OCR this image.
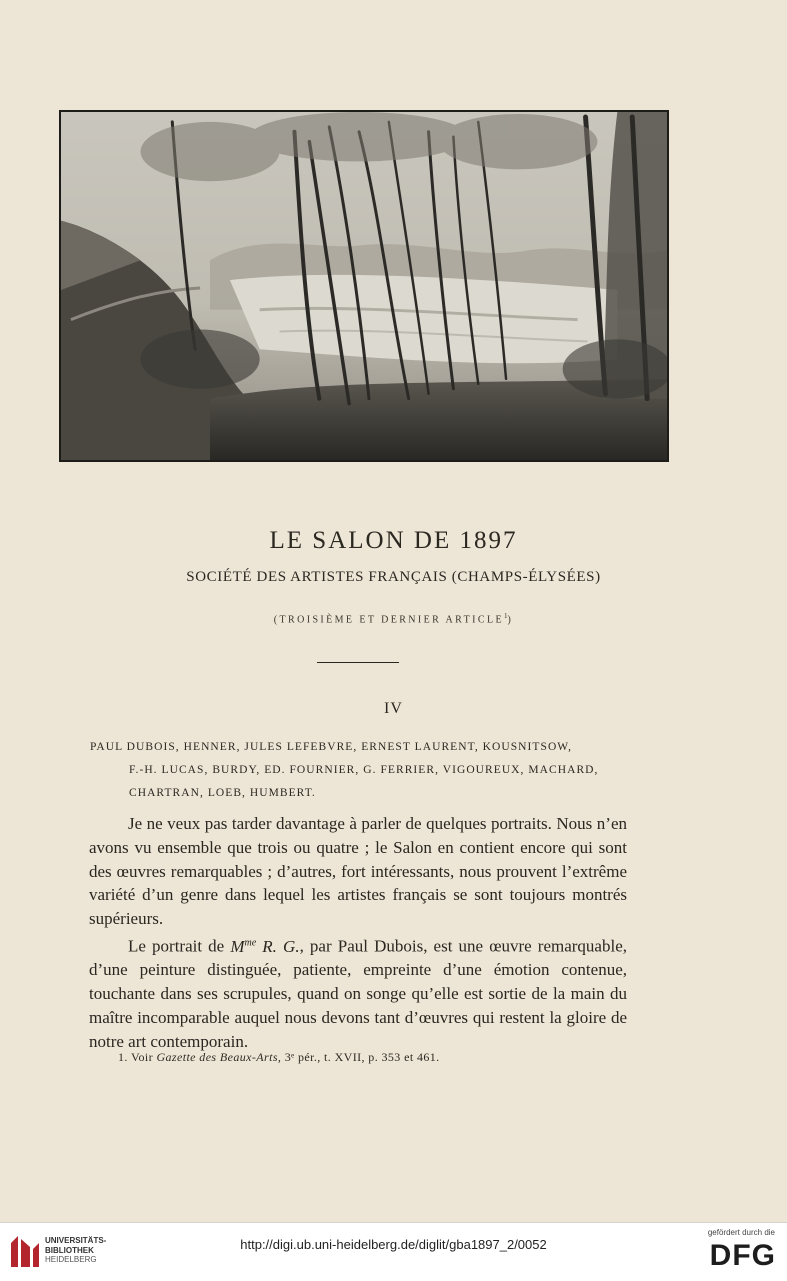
LE SALON DE 1897
SOCIÉTÉ DES ARTISTES FRANÇAIS (CHAMPS-ÉLYSÉES)
(TROISIÈME ET DERNIER ARTICLE$^1$)
IV
PAUL DUBOIS, HENNER, JULES LEFEBVRE, ERNEST LAURENT, KOUSNITSOW,
F.-H. LUCAS, BURDY, ED. FOURNIER, G. FERRIER, VIGOUREUX, MACHARD,
CHARTRAN, LOEB, HUMBERT.

Je ne veux pas tarder davantage à parler de quelques portraits. Nous n’en avons vu ensemble que trois ou quatre ; le Salon en contient encore qui sont des œuvres remarquables ; d’autres, fort intéressants, nous prouvent l’extrême variété d’un genre dans lequel les artistes français se sont toujours montrés supérieurs.

Le portrait de $M^{me}$ R. G., par Paul Dubois, est une œuvre remarquable, d’une peinture distinguée, patiente, empreinte d’une émotion contenue, touchante dans ses scrupules, quand on songe qu’elle est sortie de la main du maître incomparable auquel nous devons tant d’œuvres qui restent la gloire de notre art contemporain.

1. Voir Gazette des Beaux-Arts, 3ᵉ pér., t. XVII, p. 353 et 461.
UNIVERSITÄTS-
BIBLIOTHEK
HEIDELBERG
http://digi.ub.uni-heidelberg.de/diglit/gba1897_2/0052
gefördert durch die
DFG
